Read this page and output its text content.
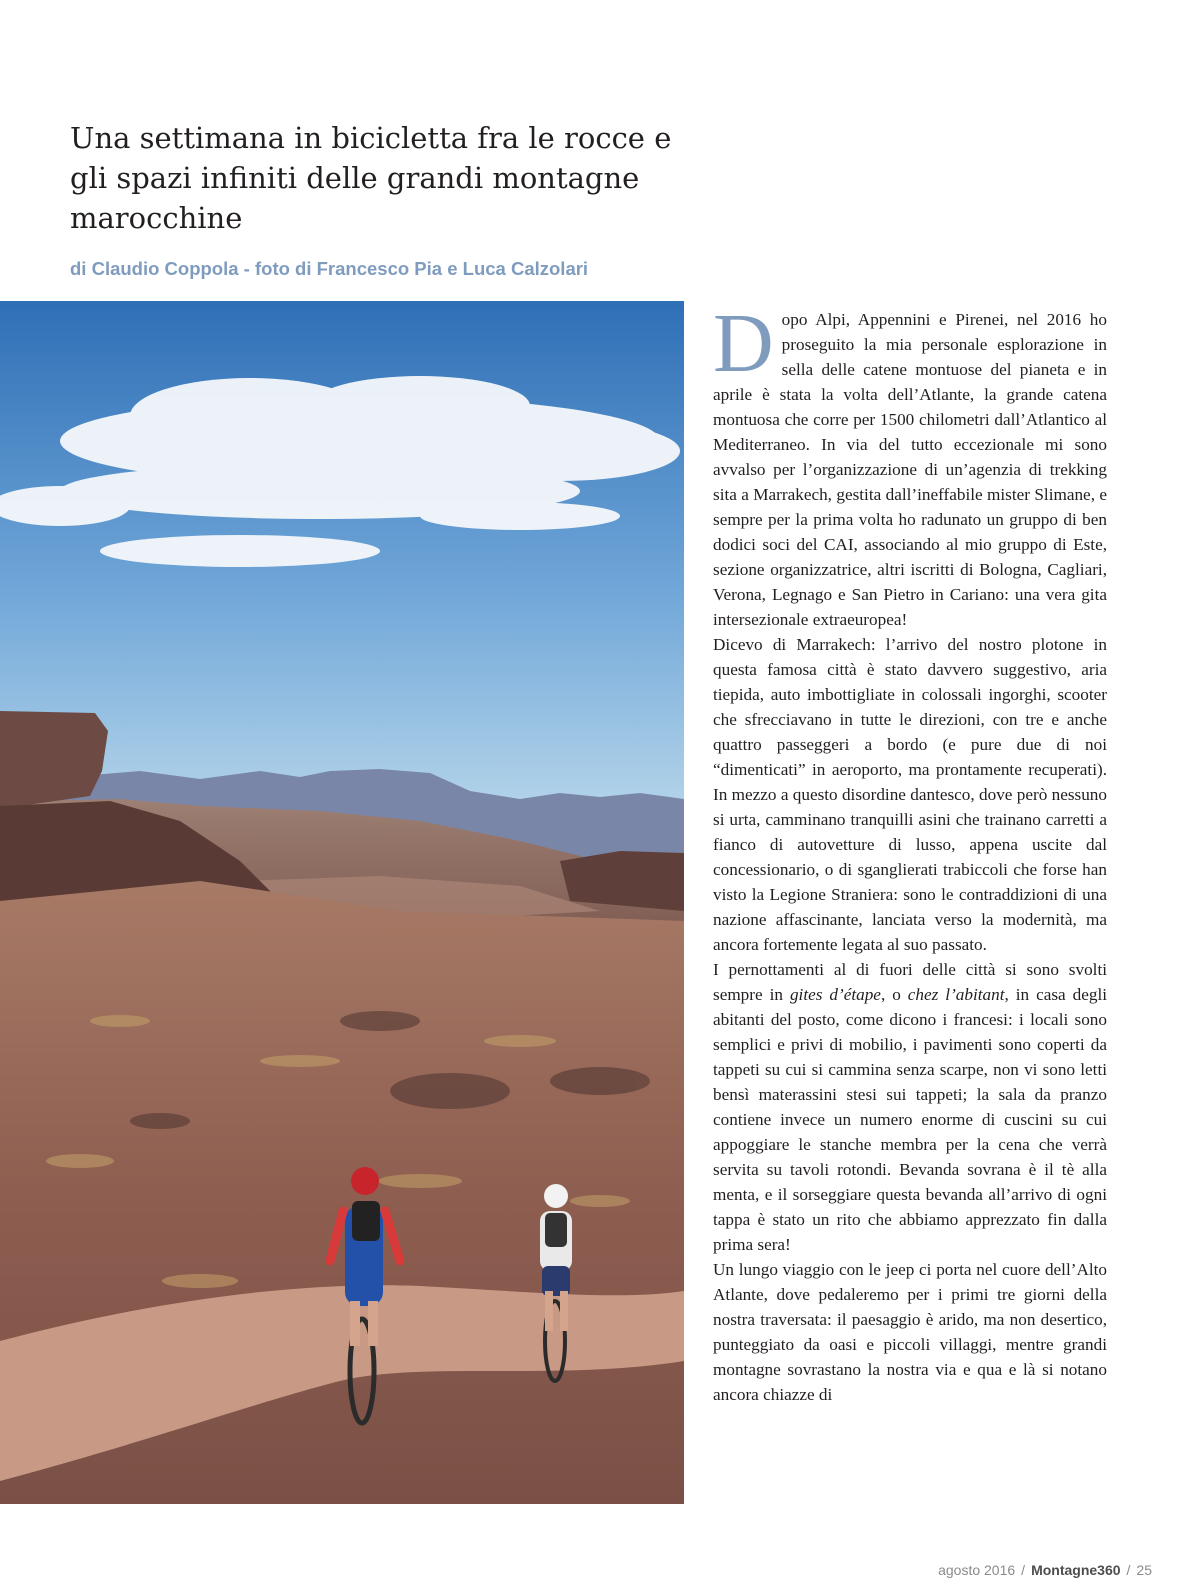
Una settimana in bicicletta fra le rocce e gli spazi infiniti delle grandi montagne marocchine

di Claudio Coppola - foto di Francesco Pia e Luca Calzolari

Dopo Alpi, Appennini e Pirenei, nel 2016 ho proseguito la mia personale esplorazione in sella delle catene montuose del pianeta e in aprile è stata la volta dell’Atlante, la grande catena montuosa che corre per 1500 chilometri dall’Atlantico al Mediterraneo. In via del tutto eccezionale mi sono avvalso per l’organizzazione di un’agenzia di trekking sita a Marrakech, gestita dall’ineffabile mister Slimane, e sempre per la prima volta ho radunato un gruppo di ben dodici soci del CAI, associando al mio gruppo di Este, sezione organizzatrice, altri iscritti di Bologna, Cagliari, Verona, Legnago e San Pietro in Cariano: una vera gita intersezionale extraeuropea!

Dicevo di Marrakech: l’arrivo del nostro plotone in questa famosa città è stato davvero suggestivo, aria tiepida, auto imbottigliate in colossali ingorghi, scooter che sfrecciavano in tutte le direzioni, con tre e anche quattro passeggeri a bordo (e pure due di noi “dimenticati” in aeroporto, ma prontamente recuperati). In mezzo a questo disordine dantesco, dove però nessuno si urta, camminano tranquilli asini che trainano carretti a fianco di autovetture di lusso, appena uscite dal concessionario, o di sganglierati trabiccoli che forse han visto la Legione Straniera: sono le contraddizioni di una nazione affascinante, lanciata verso la modernità, ma ancora fortemente legata al suo passato.

I pernottamenti al di fuori delle città si sono svolti sempre in gites d’étape, o chez l’abitant, in casa degli abitanti del posto, come dicono i francesi: i locali sono semplici e privi di mobilio, i pavimenti sono coperti da tappeti su cui si cammina senza scarpe, non vi sono letti bensì materassini stesi sui tappeti; la sala da pranzo contiene invece un numero enorme di cuscini su cui appoggiare le stanche membra per la cena che verrà servita su tavoli rotondi. Bevanda sovrana è il tè alla menta, e il sorseggiare questa bevanda all’arrivo di ogni tappa è stato un rito che abbiamo apprezzato fin dalla prima sera!

Un lungo viaggio con le jeep ci porta nel cuore dell’Alto Atlante, dove pedaleremo per i primi tre giorni della nostra traversata: il paesaggio è arido, ma non desertico, punteggiato da oasi e piccoli villaggi, mentre grandi montagne sovrastano la nostra via e qua e là si notano ancora chiazze di

agosto 2016 / Montagne360 / 25
